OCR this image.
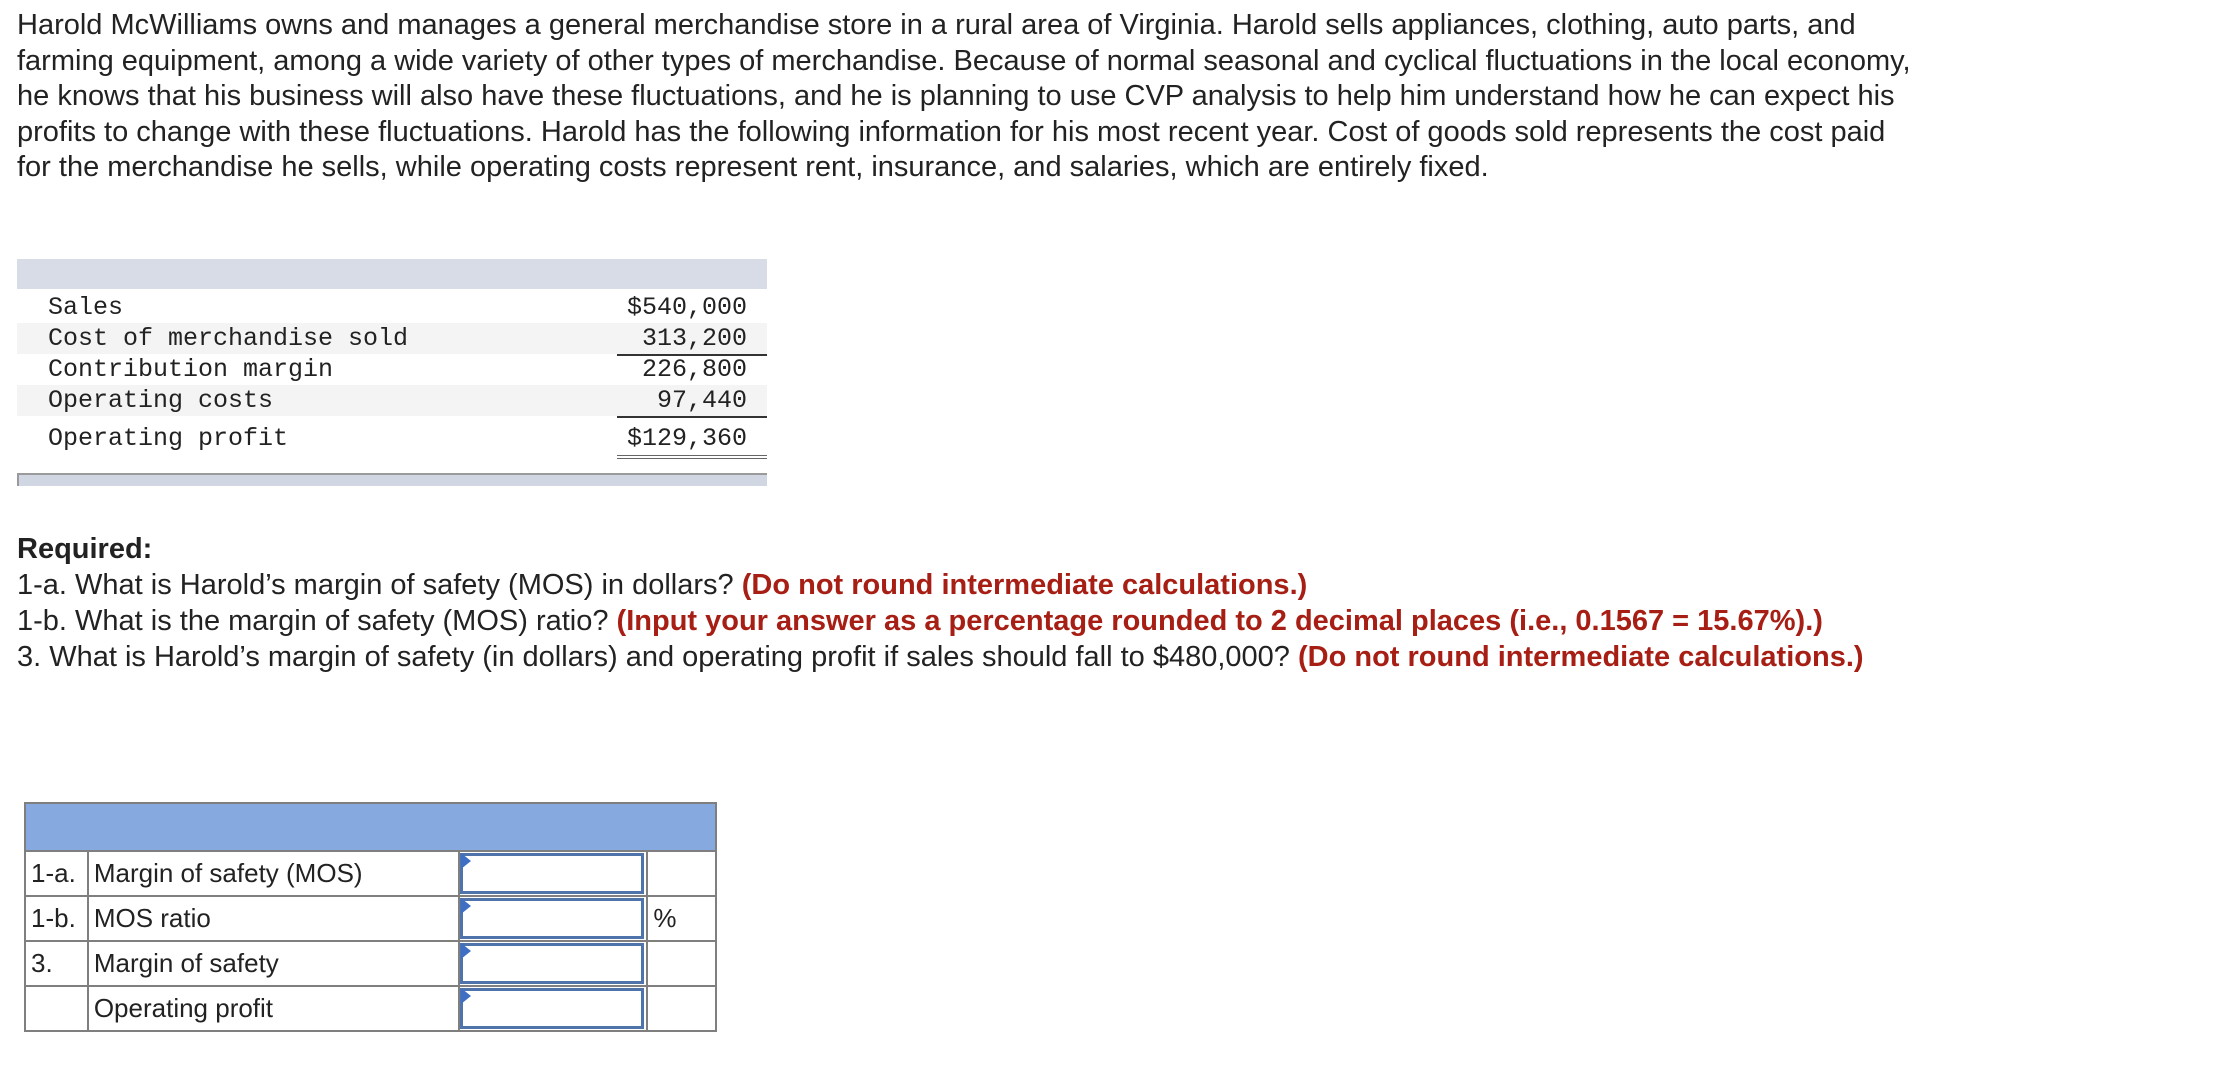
Harold McWilliams owns and manages a general merchandise store in a rural area of Virginia. Harold sells appliances, clothing, auto parts, and farming equipment, among a wide variety of other types of merchandise. Because of normal seasonal and cyclical fluctuations in the local economy, he knows that his business will also have these fluctuations, and he is planning to use CVP analysis to help him understand how he can expect his profits to change with these fluctuations. Harold has the following information for his most recent year. Cost of goods sold represents the cost paid for the merchandise he sells, while operating costs represent rent, insurance, and salaries, which are entirely fixed.

Sales	$540,000
Cost of merchandise sold	313,200
Contribution margin	226,800
Operating costs	97,440
Operating profit	$129,360

Required:

1-a. What is Harold’s margin of safety (MOS) in dollars? (Do not round intermediate calculations.)

1-b. What is the margin of safety (MOS) ratio? (Input your answer as a percentage rounded to 2 decimal places (i.e., 0.1567 = 15.67%).)

3. What is Harold’s margin of safety (in dollars) and operating profit if sales should fall to $480,000? (Do not round intermediate calculations.)

1-a.	Margin of safety (MOS)	

1-b.	MOS ratio		%
3.	Margin of safety	

	Operating profit	
